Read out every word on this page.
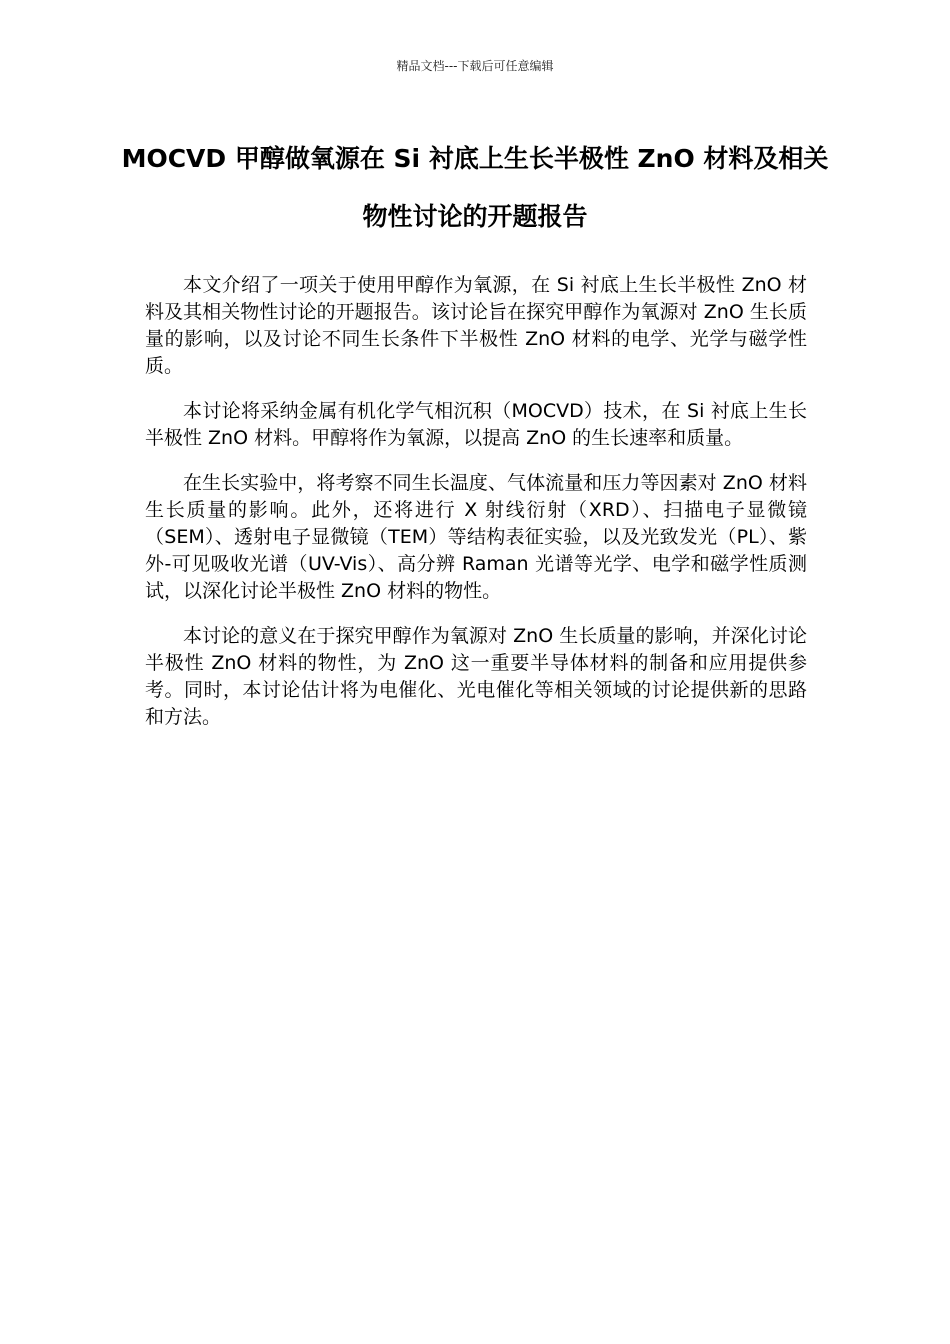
精品文档---下载后可任意编辑
MOCVD 甲醇做氧源在 Si 衬底上生长半极性 ZnO 材料及相关物性讨论的开题报告

本文介绍了一项关于使用甲醇作为氧源，在 Si 衬底上生长半极性 ZnO 材料及其相关物性讨论的开题报告。该讨论旨在探究甲醇作为氧源对 ZnO 生长质量的影响，以及讨论不同生长条件下半极性 ZnO 材料的电学、光学与磁学性质。

本讨论将采纳金属有机化学气相沉积（MOCVD）技术，在 Si 衬底上生长半极性 ZnO 材料。甲醇将作为氧源，以提高 ZnO 的生长速率和质量。

在生长实验中，将考察不同生长温度、气体流量和压力等因素对 ZnO 材料生长质量的影响。此外，还将进行 X 射线衍射（XRD）、扫描电子显微镜（SEM）、透射电子显微镜（TEM）等结构表征实验，以及光致发光（PL）、紫外-可见吸收光谱（UV-Vis）、高分辨 Raman 光谱等光学、电学和磁学性质测试，以深化讨论半极性 ZnO 材料的物性。

本讨论的意义在于探究甲醇作为氧源对 ZnO 生长质量的影响，并深化讨论半极性 ZnO 材料的物性，为 ZnO 这一重要半导体材料的制备和应用提供参考。同时，本讨论估计将为电催化、光电催化等相关领域的讨论提供新的思路和方法。
